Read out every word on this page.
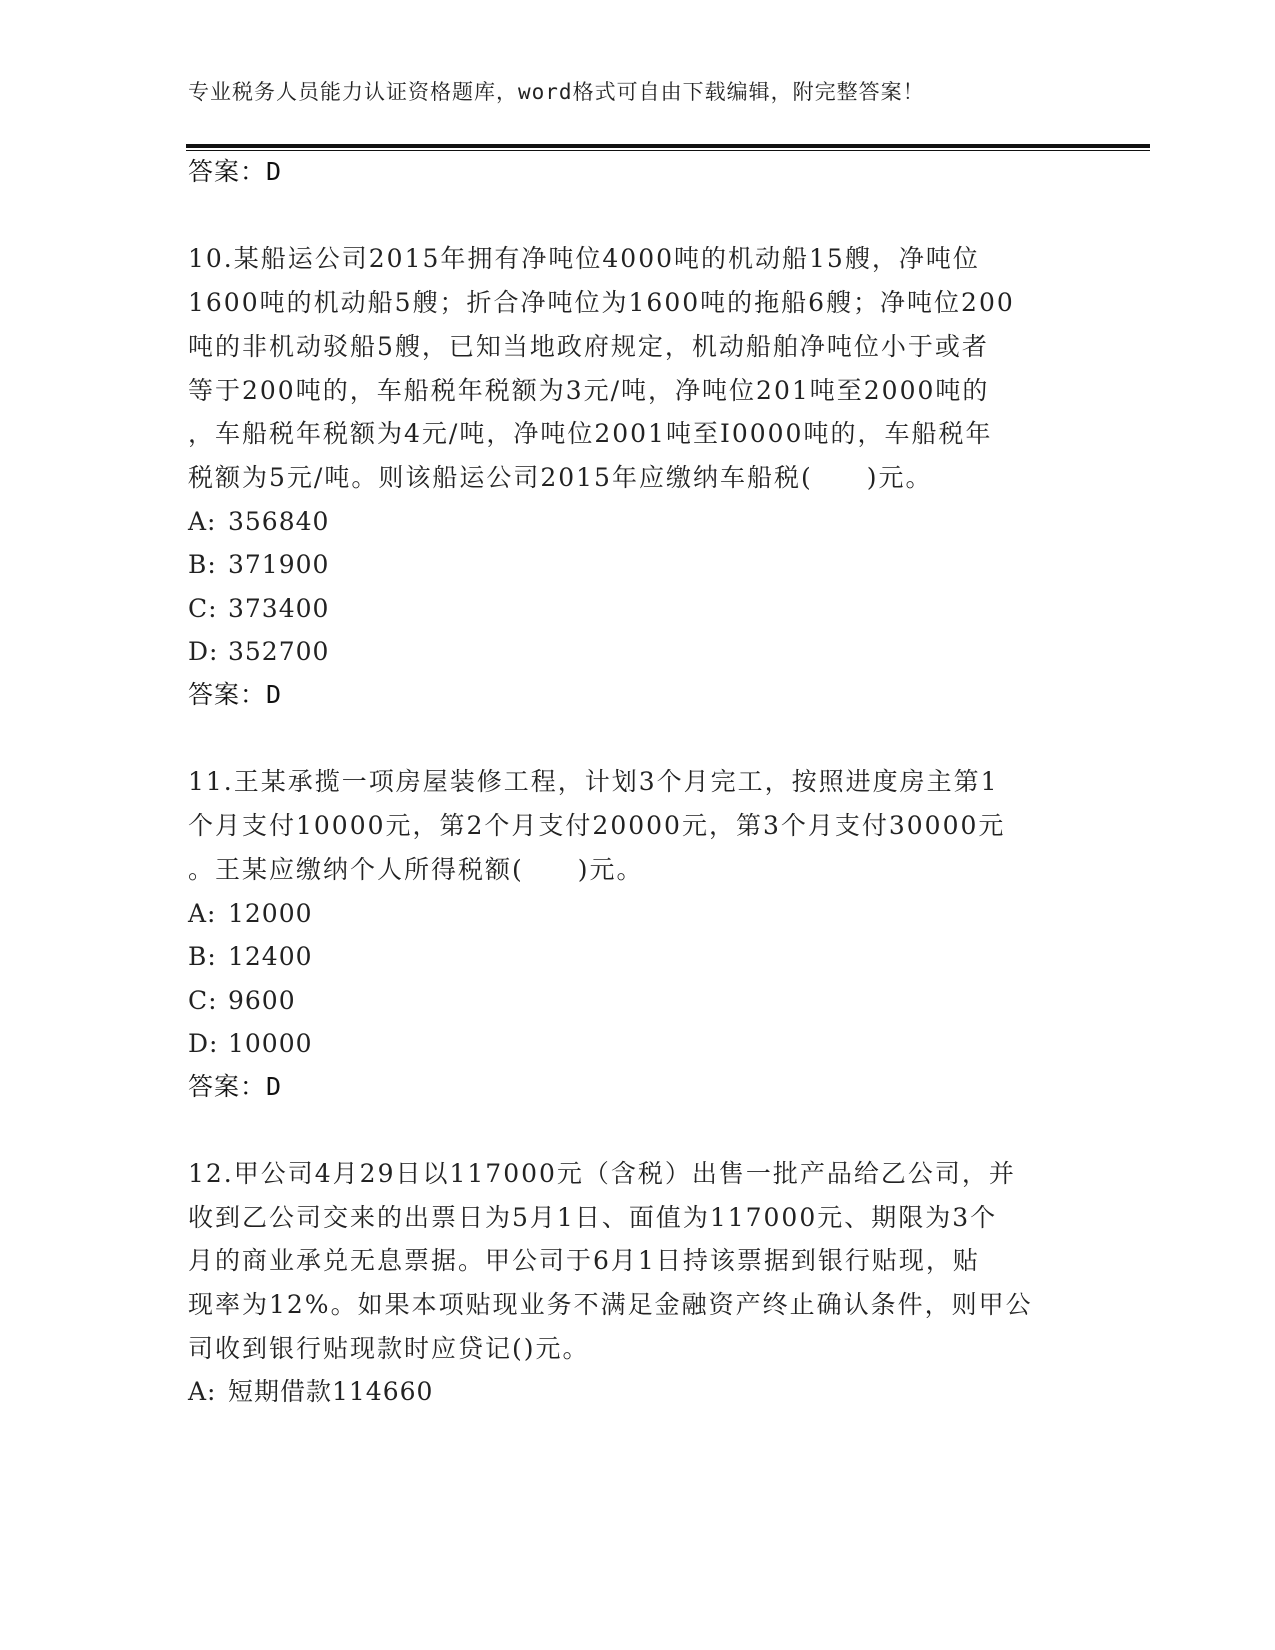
专业税务人员能力认证资格题库，word格式可自由下载编辑，附完整答案！
答案：D
10.某船运公司2015年拥有净吨位4000吨的机动船15艘，净吨位
1600吨的机动船5艘；折合净吨位为1600吨的拖船6艘；净吨位200
吨的非机动驳船5艘，已知当地政府规定，机动船舶净吨位小于或者
等于200吨的，车船税年税额为3元/吨，净吨位201吨至2000吨的
，车船税年税额为4元/吨，净吨位2001吨至I0000吨的，车船税年
税额为5元/吨。则该船运公司2015年应缴纳车船税(　　)元。
A: 356840
B: 371900
C: 373400
D: 352700
答案：D
11.王某承揽一项房屋装修工程，计划3个月完工，按照进度房主第1
个月支付10000元，第2个月支付20000元，第3个月支付30000元
。王某应缴纳个人所得税额(　　)元。
A: 12000
B: 12400
C: 9600
D: 10000
答案：D
12.甲公司4月29日以117000元（含税）出售一批产品给乙公司，并
收到乙公司交来的出票日为5月1日、面值为117000元、期限为3个
月的商业承兑无息票据。甲公司于6月1日持该票据到银行贴现，贴
现率为12%。如果本项贴现业务不满足金融资产终止确认条件，则甲公
司收到银行贴现款时应贷记()元。
A: 短期借款114660
